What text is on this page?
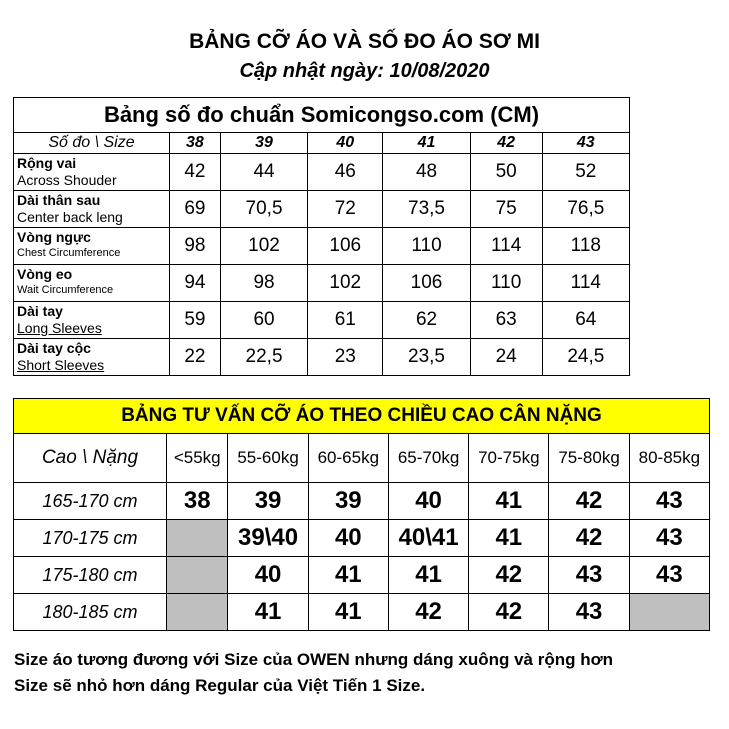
BẢNG CỠ ÁO VÀ SỐ ĐO ÁO SƠ MI
Cập nhật ngày: 10/08/2020
Bảng số đo chuẩn Somicongso.com (CM)						
Số đo \ Size	38	39	40	41	42	43

Rộng vai
Across Shouder	42	44	46	48	50	52

Dài thân sau
Center back leng	69	70,5	72	73,5	75	76,5

Vòng ngực
Chest Circumference	98	102	106	110	114	118

Vòng eo
Wait Circumference	94	98	102	106	110	114

Dài tay
Long Sleeves	59	60	61	62	63	64

Dài tay cộc
Short Sleeves	22	22,5	23	23,5	24	24,5
BẢNG TƯ VẤN CỠ ÁO THEO CHIỀU CAO CÂN NẶNG							
Cao \ Nặng	<55kg	55-60kg	60-65kg	65-70kg	70-75kg	75-80kg	80-85kg
165-170 cm	38	39	39	40	41	42	43
170-175 cm		39\40	40	40\41	41	42	43
175-180 cm		40	41	41	42	43	43
180-185 cm		41	41	42	42	43	
Size áo tương đương với Size của OWEN nhưng dáng xuông và rộng hơn
Size sẽ nhỏ hơn dáng Regular của Việt Tiến 1 Size.
